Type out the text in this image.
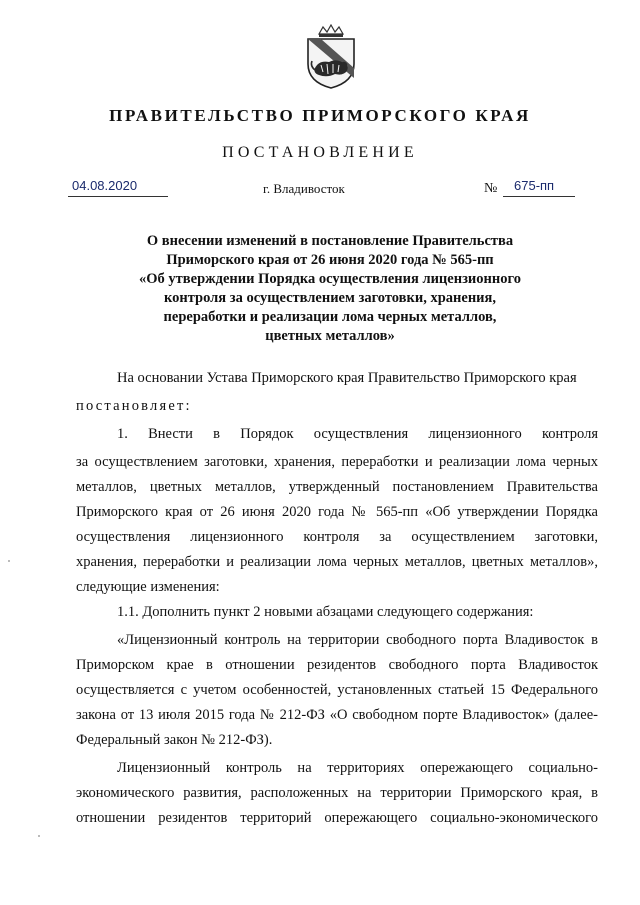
ПРАВИТЕЛЬСТВО ПРИМОРСКОГО КРАЯ
ПОСТАНОВЛЕНИЕ
04.08.2020	г. Владивосток	№ 675-пп
О внесении изменений в постановление Правительства
Приморского края от 26 июня 2020 года № 565-пп
«Об утверждении Порядка осуществления лицензионного
контроля за осуществлением заготовки, хранения,
переработки и реализации лома черных металлов,
цветных металлов»
На основании Устава Приморского края Правительство Приморского края
постановляет:
1. Внести в Порядок осуществления лицензионного контроля
за осуществлением заготовки, хранения, переработки и реализации лома черных
металлов, цветных металлов, утвержденный постановлением Правительства
Приморского края от 26 июня 2020 года № 565-пп «Об утверждении Порядка
осуществления лицензионного контроля за осуществлением заготовки,
хранения, переработки и реализации лома черных металлов, цветных металлов»,
следующие изменения:
1.1. Дополнить пункт 2 новыми абзацами следующего содержания:
«Лицензионный контроль на территории свободного порта Владивосток в
Приморском крае в отношении резидентов свободного порта Владивосток
осуществляется с учетом особенностей, установленных статьей 15 Федерального
закона от 13 июля 2015 года № 212-ФЗ «О свободном порте Владивосток» (далее-
Федеральный закон № 212-ФЗ).
Лицензионный контроль на территориях опережающего социально-
экономического развития, расположенных на территории Приморского края, в
отношении резидентов территорий опережающего социально-экономического
